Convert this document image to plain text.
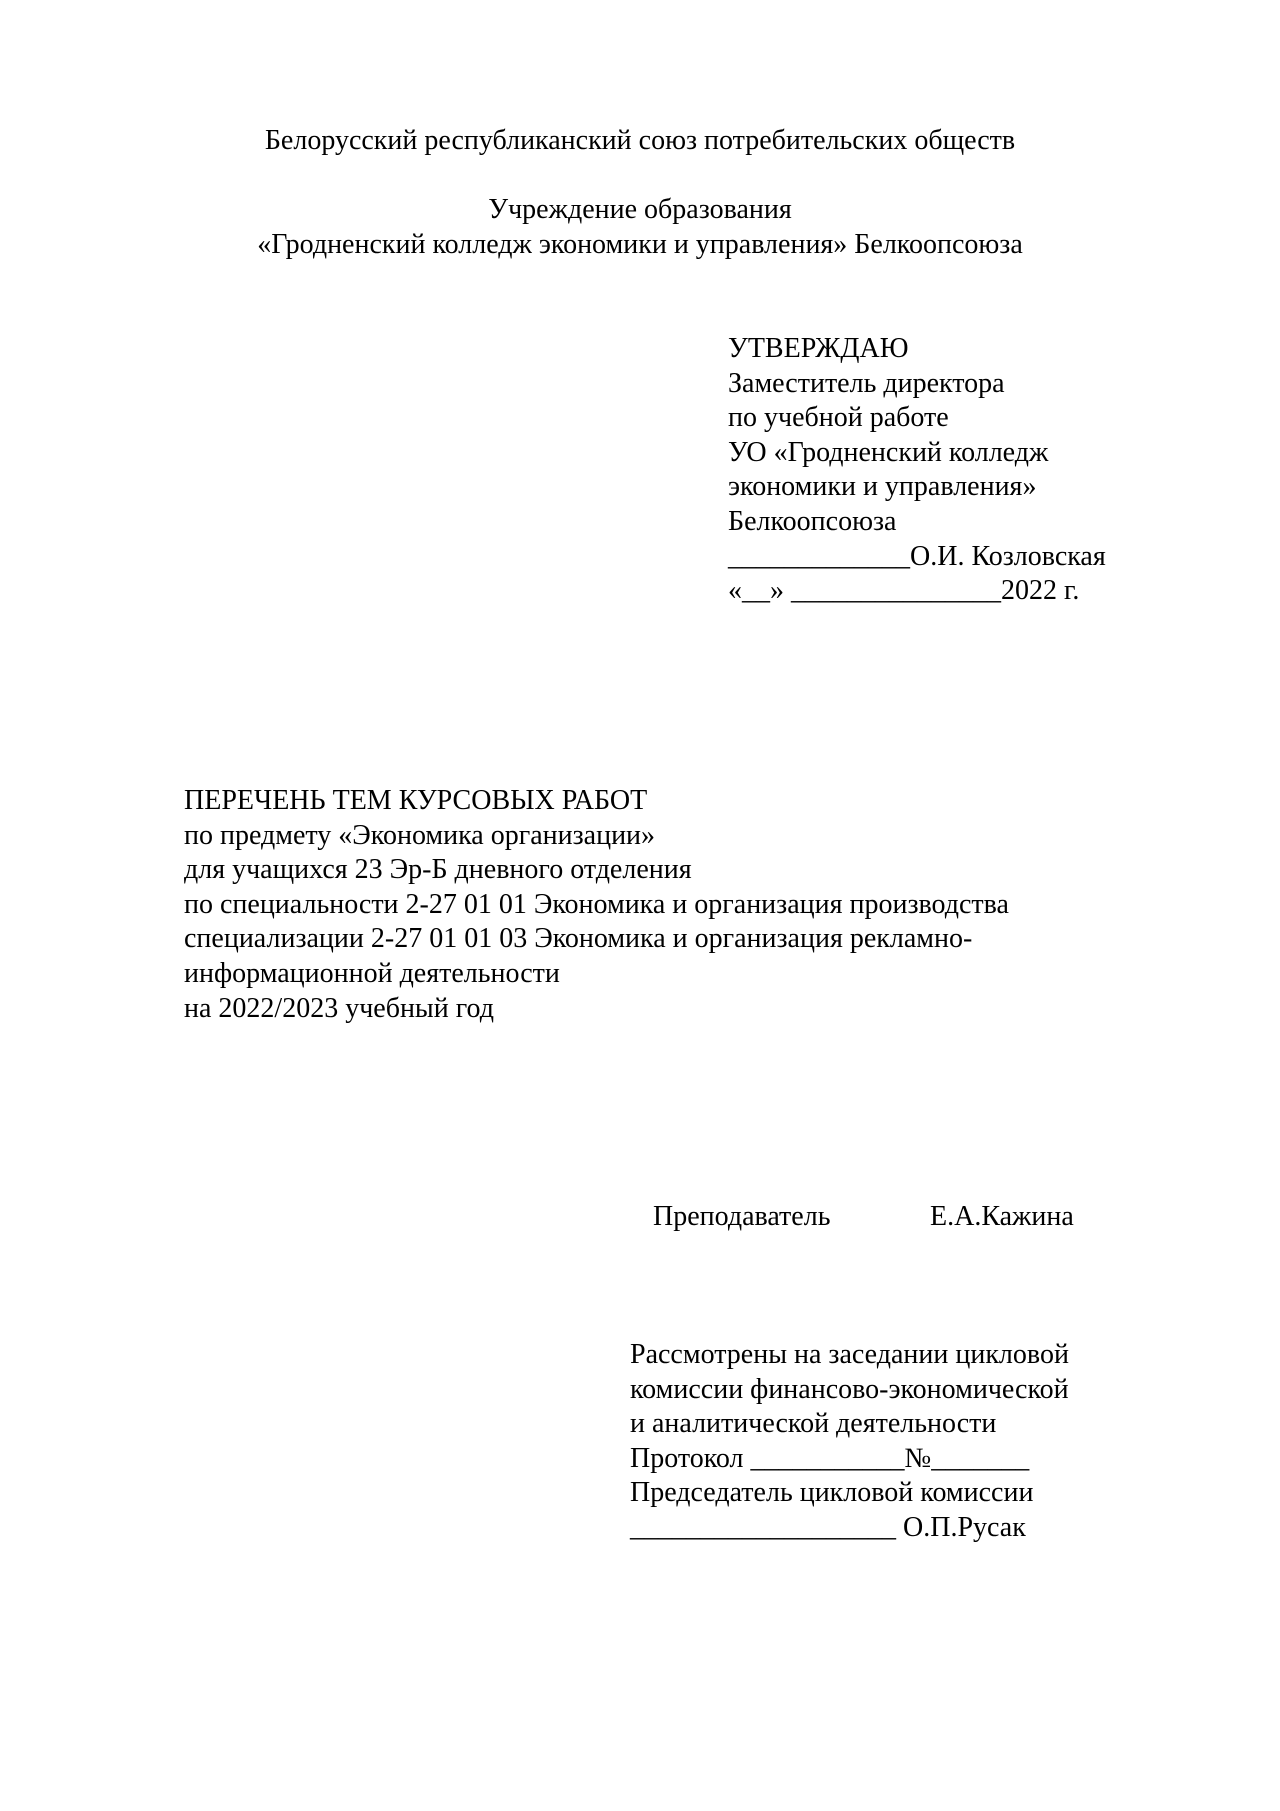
Белорусский республиканский союз потребительских обществ
Учреждение образования
«Гродненский колледж экономики и управления» Белкоопсоюза
УТВЕРЖДАЮ
Заместитель директора
по учебной работе
УО «Гродненский колледж
экономики и управления»
Белкоопсоюза
_____________О.И. Козловская
«__» _______________2022 г.
ПЕРЕЧЕНЬ ТЕМ КУРСОВЫХ РАБОТ
по предмету «Экономика организации»
для учащихся 23 Эр-Б дневного отделения
по специальности 2-27 01 01 Экономика и организация производства
специализации 2-27 01 01 03 Экономика и организация рекламно-
информационной деятельности
на 2022/2023 учебный год
Преподаватель	Е.А.Кажина
Рассмотрены на заседании цикловой
комиссии финансово-экономической
и аналитической деятельности
Протокол ___________№_______
Председатель цикловой комиссии
___________________ О.П.Русак
